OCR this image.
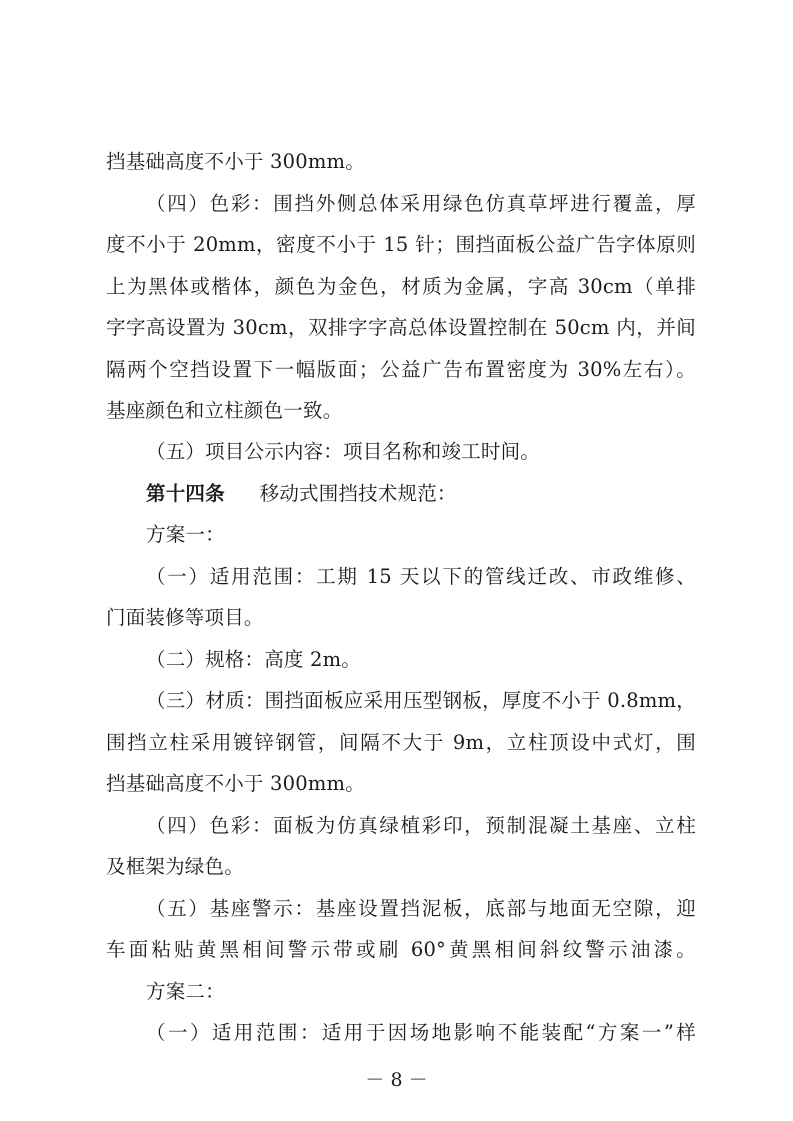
挡基础高度不小于 300mm。
（四）色彩：围挡外侧总体采用绿色仿真草坪进行覆盖，厚
度不小于 20mm，密度不小于 15 针；围挡面板公益广告字体原则
上为黑体或楷体，颜色为金色，材质为金属，字高 30cm（单排
字字高设置为 30cm，双排字字高总体设置控制在 50cm 内，并间
隔两个空挡设置下一幅版面；公益广告布置密度为 30%左右）。
基座颜色和立柱颜色一致。
（五）项目公示内容：项目名称和竣工时间。
第十四条 移动式围挡技术规范：
方案一：
（一）适用范围：工期 15 天以下的管线迁改、市政维修、
门面装修等项目。
（二）规格：高度 2m。
（三）材质：围挡面板应采用压型钢板，厚度不小于 0.8mm，
围挡立柱采用镀锌钢管，间隔不大于 9m，立柱顶设中式灯，围
挡基础高度不小于 300mm。
（四）色彩：面板为仿真绿植彩印，预制混凝土基座、立柱
及框架为绿色。
（五）基座警示：基座设置挡泥板，底部与地面无空隙，迎
车面粘贴黄黑相间警示带或刷 60°黄黑相间斜纹警示油漆。
方案二：
（一）适用范围：适用于因场地影响不能装配“方案一”样
－ 8 －
